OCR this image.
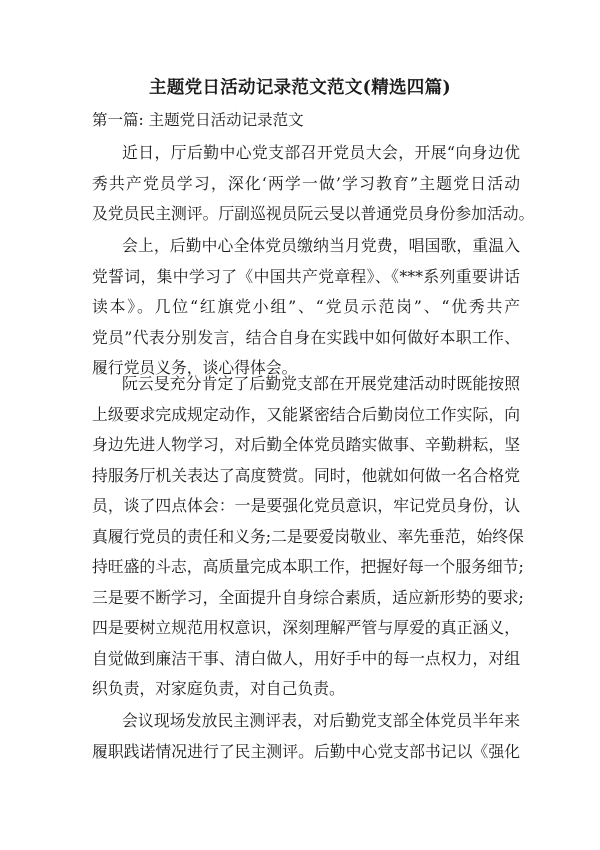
主题党日活动记录范文范文(精选四篇)
第一篇: 主题党日活动记录范文
近日，厅后勤中心党支部召开党员大会，开展“向身边优
秀共产党员学习，深化‘两学一做’学习教育”主题党日活动
及党员民主测评。厅副巡视员阮云旻以普通党员身份参加活动。
会上，后勤中心全体党员缴纳当月党费，唱国歌，重温入
党誓词，集中学习了《中国共产党章程》、《***系列重要讲话
读本》。几位“红旗党小组”、“党员示范岗”、“优秀共产
党员”代表分别发言，结合自身在实践中如何做好本职工作、
履行党员义务，谈心得体会。
阮云旻充分肯定了后勤党支部在开展党建活动时既能按照
上级要求完成规定动作，又能紧密结合后勤岗位工作实际，向
身边先进人物学习，对后勤全体党员踏实做事、辛勤耕耘，坚
持服务厅机关表达了高度赞赏。同时，他就如何做一名合格党
员，谈了四点体会：一是要强化党员意识，牢记党员身份，认
真履行党员的责任和义务;二是要爱岗敬业、率先垂范，始终保
持旺盛的斗志，高质量完成本职工作，把握好每一个服务细节;
三是要不断学习，全面提升自身综合素质，适应新形势的要求;
四是要树立规范用权意识，深刻理解严管与厚爱的真正涵义，
自觉做到廉洁干事、清白做人，用好手中的每一点权力，对组
织负责，对家庭负责，对自己负责。
会议现场发放民主测评表，对后勤党支部全体党员半年来
履职践诺情况进行了民主测评。后勤中心党支部书记以《强化
